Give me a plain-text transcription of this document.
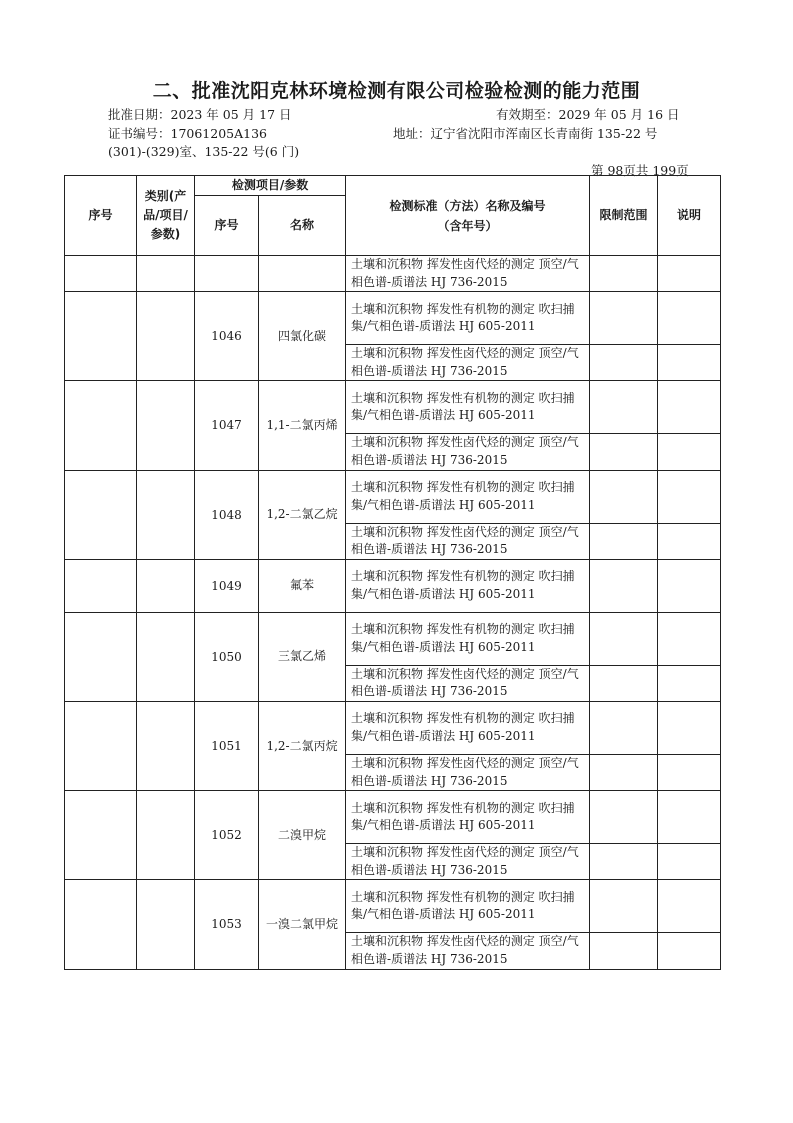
二、批准沈阳克林环境检测有限公司检验检测的能力范围
批准日期：2023 年 05 月 17 日	有效期至：2029 年 05 月 16 日
证书编号：17061205A136	地址：辽宁省沈阳市浑南区长青南街 135-22 号
(301)-(329)室、135-22 号(6 门)
第 98页共 199页
序号	类别(产品/项目/参数)	检测项目/参数		检测标准（方法）名称及编号（含年号）	限制范围	说明
		序号	名称			
				土壤和沉积物 挥发性卤代烃的测定 顶空/气相色谱-质谱法 HJ 736-2015		
		1046	四氯化碳	土壤和沉积物 挥发性有机物的测定 吹扫捕集/气相色谱-质谱法 HJ 605-2011		
				土壤和沉积物 挥发性卤代烃的测定 顶空/气相色谱-质谱法 HJ 736-2015		
		1047	1,1-二氯丙烯	土壤和沉积物 挥发性有机物的测定 吹扫捕集/气相色谱-质谱法 HJ 605-2011		
				土壤和沉积物 挥发性卤代烃的测定 顶空/气相色谱-质谱法 HJ 736-2015		
		1048	1,2-二氯乙烷	土壤和沉积物 挥发性有机物的测定 吹扫捕集/气相色谱-质谱法 HJ 605-2011		
				土壤和沉积物 挥发性卤代烃的测定 顶空/气相色谱-质谱法 HJ 736-2015		
		1049	氟苯	土壤和沉积物 挥发性有机物的测定 吹扫捕集/气相色谱-质谱法 HJ 605-2011		
		1050	三氯乙烯	土壤和沉积物 挥发性有机物的测定 吹扫捕集/气相色谱-质谱法 HJ 605-2011		
				土壤和沉积物 挥发性卤代烃的测定 顶空/气相色谱-质谱法 HJ 736-2015		
		1051	1,2-二氯丙烷	土壤和沉积物 挥发性有机物的测定 吹扫捕集/气相色谱-质谱法 HJ 605-2011		
				土壤和沉积物 挥发性卤代烃的测定 顶空/气相色谱-质谱法 HJ 736-2015		
		1052	二溴甲烷	土壤和沉积物 挥发性有机物的测定 吹扫捕集/气相色谱-质谱法 HJ 605-2011		
				土壤和沉积物 挥发性卤代烃的测定 顶空/气相色谱-质谱法 HJ 736-2015		
		1053	一溴二氯甲烷	土壤和沉积物 挥发性有机物的测定 吹扫捕集/气相色谱-质谱法 HJ 605-2011		
				土壤和沉积物 挥发性卤代烃的测定 顶空/气相色谱-质谱法 HJ 736-2015		
